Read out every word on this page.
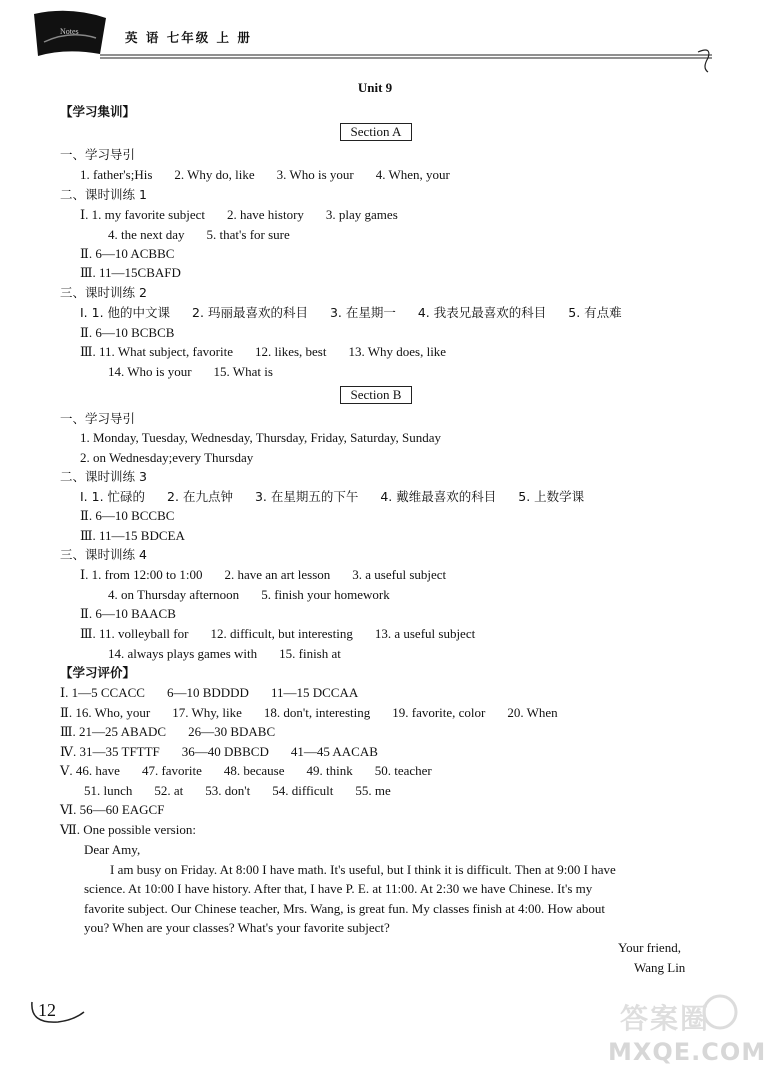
Notes	英 语 七年级 上 册
Unit 9
【学习集训】
Section A
一、学习导引
1. father's;His 2. Why do, like 3. Who is your 4. When, your
二、课时训练 1
Ⅰ. 1. my favorite subject 2. have history 3. play games
4. the next day 5. that's for sure
Ⅱ. 6—10 ACBBC
Ⅲ. 11—15CBAFD
三、课时训练 2
Ⅰ. 1. 他的中文课 2. 玛丽最喜欢的科目 3. 在星期一 4. 我表兄最喜欢的科目 5. 有点难
Ⅱ. 6—10 BCBCB
Ⅲ. 11. What subject, favorite 12. likes, best 13. Why does, like
14. Who is your 15. What is
Section B
一、学习导引
1. Monday, Tuesday, Wednesday, Thursday, Friday, Saturday, Sunday
2. on Wednesday;every Thursday
二、课时训练 3
Ⅰ. 1. 忙碌的 2. 在九点钟 3. 在星期五的下午 4. 戴维最喜欢的科目 5. 上数学课
Ⅱ. 6—10 BCCBC
Ⅲ. 11—15 BDCEA
三、课时训练 4
Ⅰ. 1. from 12:00 to 1:00 2. have an art lesson 3. a useful subject
4. on Thursday afternoon 5. finish your homework
Ⅱ. 6—10 BAACB
Ⅲ. 11. volleyball for 12. difficult, but interesting 13. a useful subject
14. always plays games with 15. finish at
【学习评价】
Ⅰ. 1—5 CCACC 6—10 BDDDD 11—15 DCCAA
Ⅱ. 16. Who, your 17. Why, like 18. don't, interesting 19. favorite, color 20. When
Ⅲ. 21—25 ABADC 26—30 BDABC
Ⅳ. 31—35 TFTTF 36—40 DBBCD 41—45 AACAB
Ⅴ. 46. have 47. favorite 48. because 49. think 50. teacher
51. lunch 52. at 53. don't 54. difficult 55. me
Ⅵ. 56—60 EAGCF
Ⅶ. One possible version:
Dear Amy,
I am busy on Friday. At 8:00 I have math. It's useful, but I think it is difficult. Then at 9:00 I have
science. At 10:00 I have history. After that, I have P. E. at 11:00. At 2:30 we have Chinese. It's my
favorite subject. Our Chinese teacher, Mrs. Wang, is great fun. My classes finish at 4:00. How about
you? When are your classes? What's your favorite subject?
Your friend,
Wang Lin
12	答案圈
MXQE.COM
